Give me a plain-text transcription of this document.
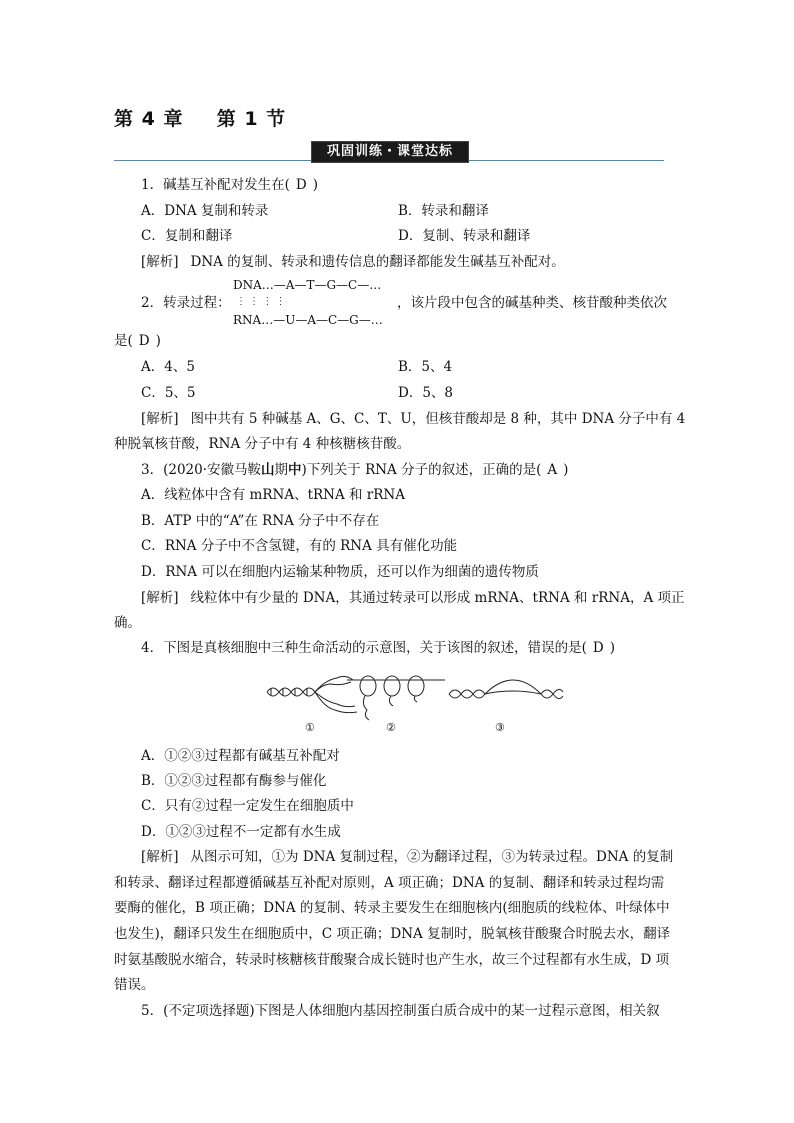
第 4 章 第 1 节
巩固训练・课堂达标
1．碱基互补配对发生在( D )
A．DNA 复制和转录	B．转录和翻译
C．复制和翻译	D．复制、转录和翻译
[解析] DNA 的复制、转录和遗传信息的翻译都能发生碱基互补配对。
DNA…—A—T—G—C—…
2．转录过程： ⋮ ⋮ ⋮ ⋮	，该片段中包含的碱基种类、核苷酸种类依次
RNA…—U—A—C—G—…
是( D )
A．4、5	B．5、4
C．5、5	D．5、8
[解析] 图中共有 5 种碱基 A、G、C、T、U，但核苷酸却是 8 种，其中 DNA 分子中有 4
种脱氧核苷酸，RNA 分子中有 4 种核糖核苷酸。
3．(2020·安徽马鞍山期中)下列关于 RNA 分子的叙述，正确的是( A )
A．线粒体中含有 mRNA、tRNA 和 rRNA
B．ATP 中的“A”在 RNA 分子中不存在
C．RNA 分子中不含氢键，有的 RNA 具有催化功能
D．RNA 可以在细胞内运输某种物质，还可以作为细菌的遗传物质
[解析] 线粒体中有少量的 DNA，其通过转录可以形成 mRNA、tRNA 和 rRNA，A 项正
确。
4．下图是真核细胞中三种生命活动的示意图，关于该图的叙述，错误的是( D )
①	②	③
A．①②③过程都有碱基互补配对
B．①②③过程都有酶参与催化
C．只有②过程一定发生在细胞质中
D．①②③过程不一定都有水生成
[解析] 从图示可知，①为 DNA 复制过程，②为翻译过程，③为转录过程。DNA 的复制
和转录、翻译过程都遵循碱基互补配对原则，A 项正确；DNA 的复制、翻译和转录过程均需
要酶的催化，B 项正确；DNA 的复制、转录主要发生在细胞核内(细胞质的线粒体、叶绿体中
也发生)，翻译只发生在细胞质中，C 项正确；DNA 复制时，脱氧核苷酸聚合时脱去水，翻译
时氨基酸脱水缩合，转录时核糖核苷酸聚合成长链时也产生水，故三个过程都有水生成，D 项
错误。
5．(不定项选择题)下图是人体细胞内基因控制蛋白质合成中的某一过程示意图，相关叙
